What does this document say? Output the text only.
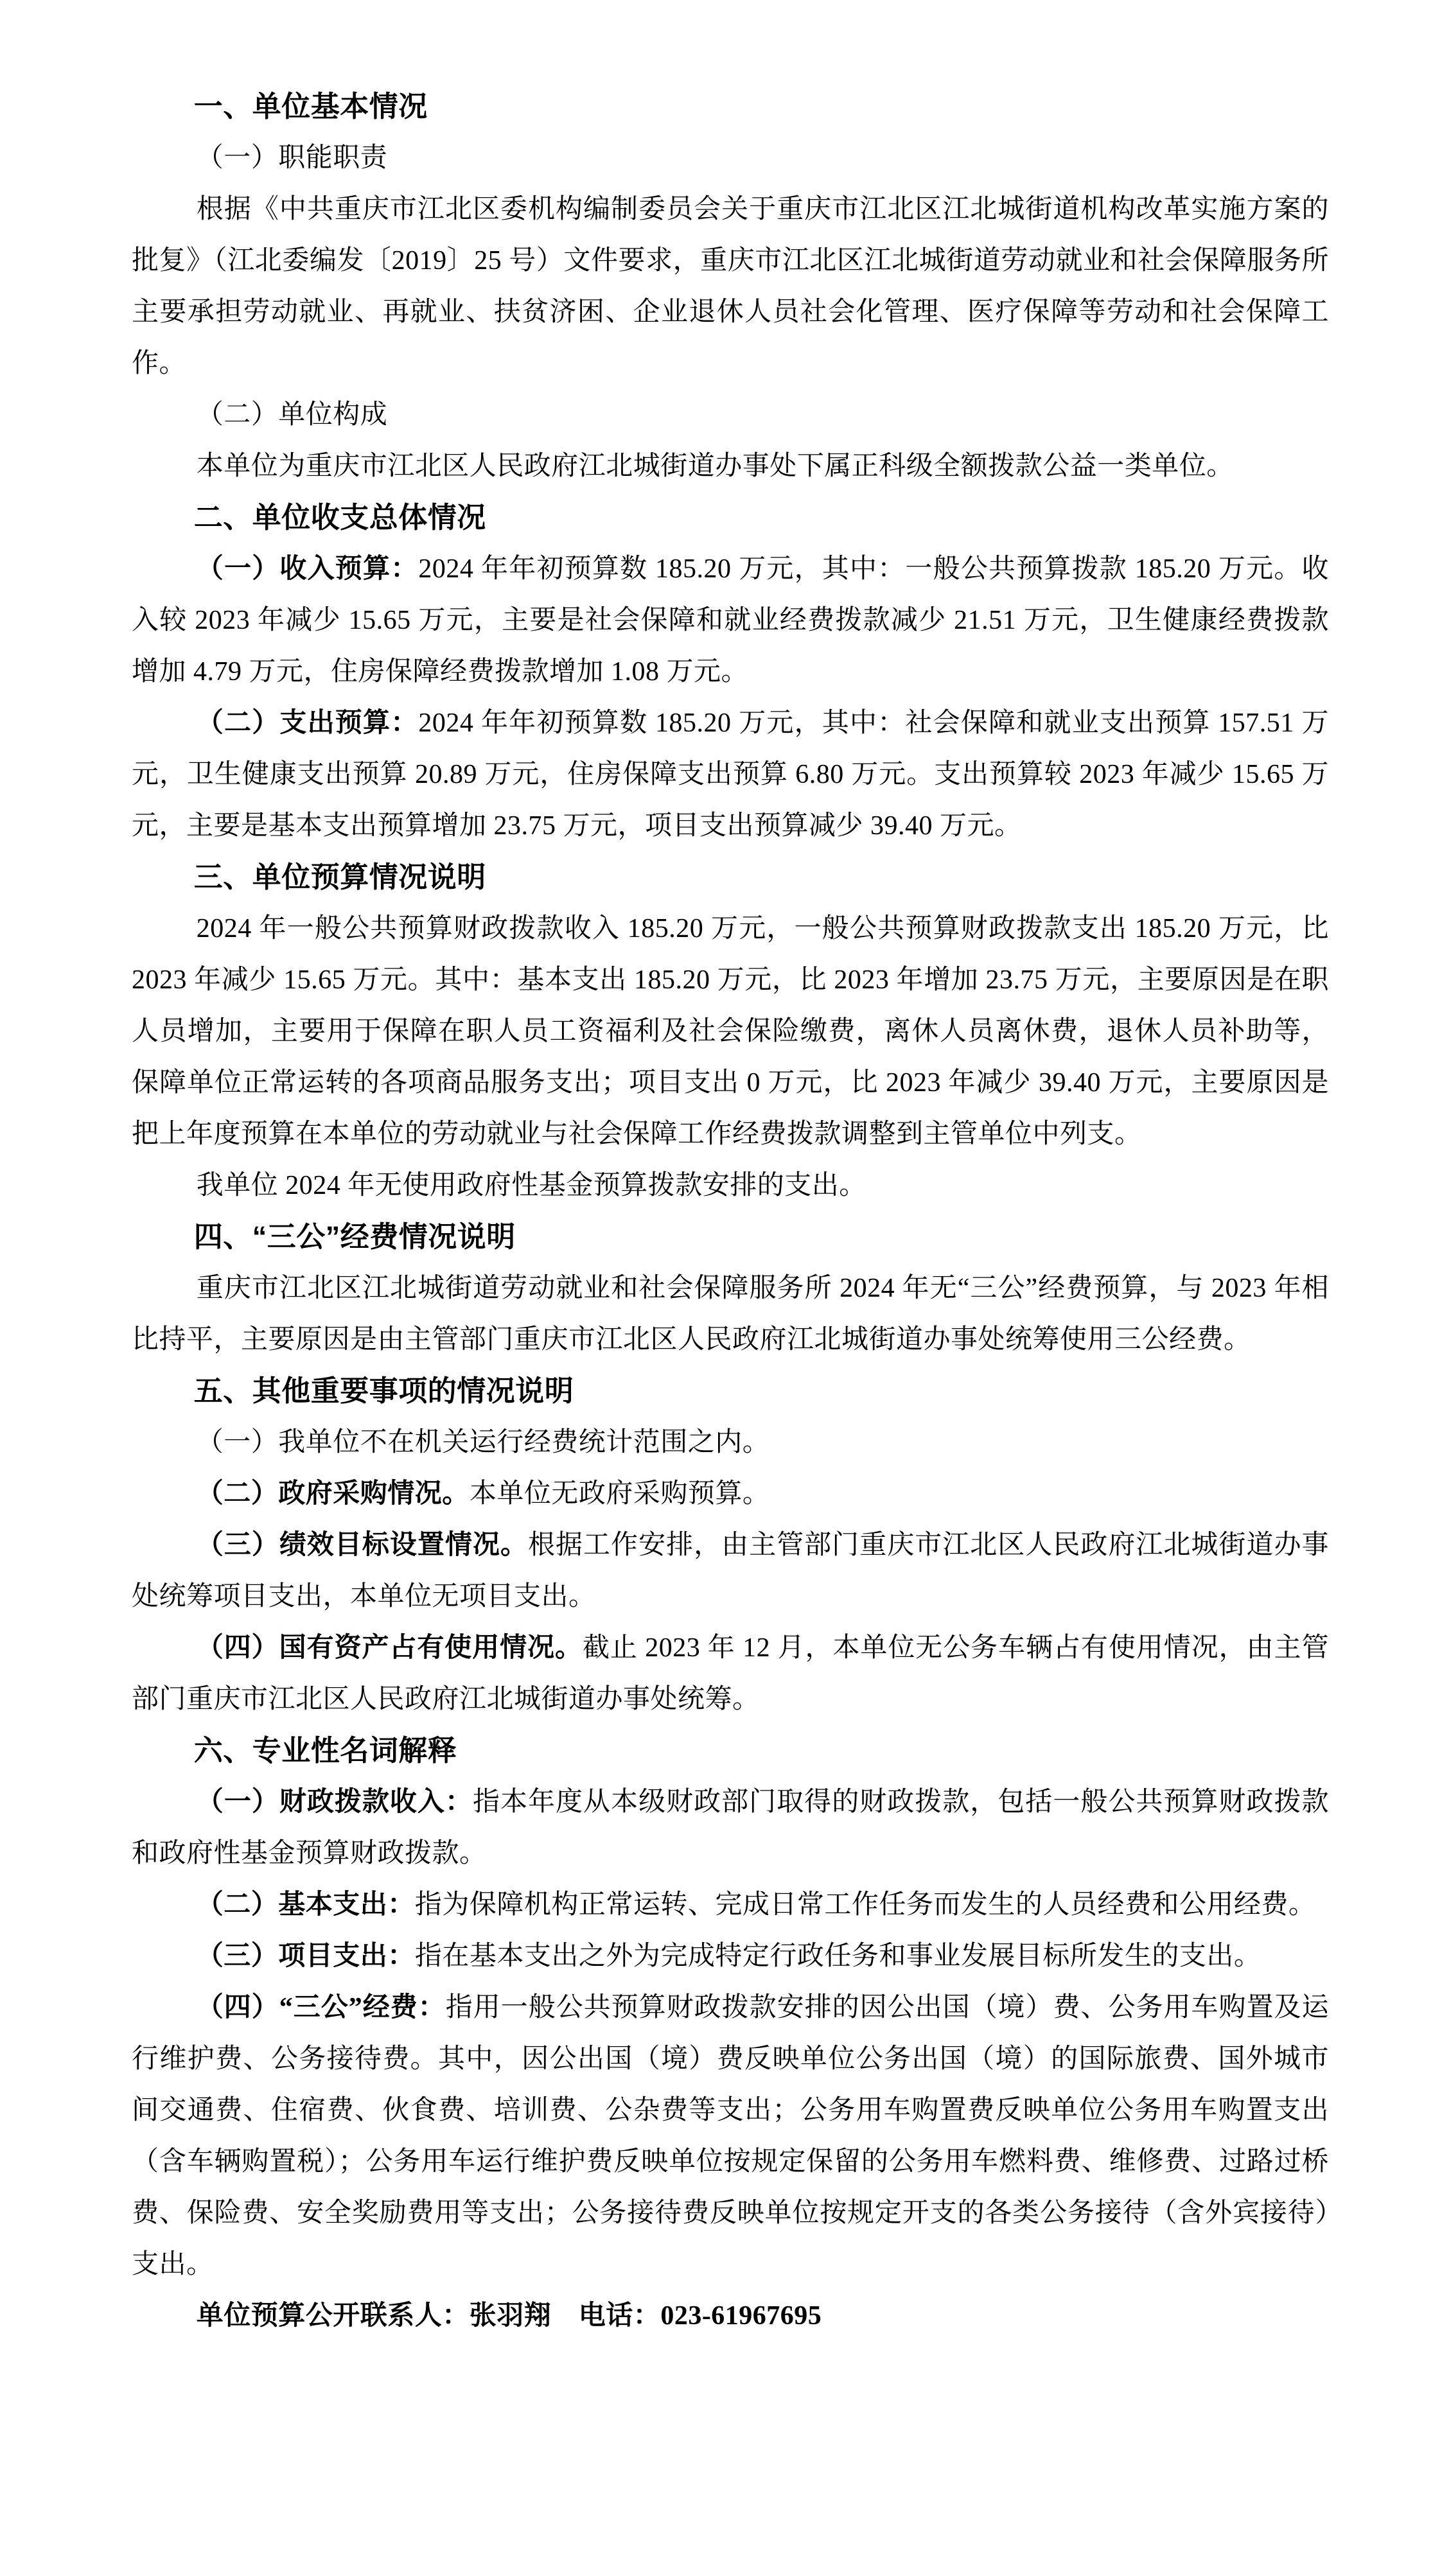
一、单位基本情况

（一）职能职责

根据《中共重庆市江北区委机构编制委员会关于重庆市江北区江北城街道机构改革实施方案的批复》（江北委编发〔2019〕25 号）文件要求，重庆市江北区江北城街道劳动就业和社会保障服务所主要承担劳动就业、再就业、扶贫济困、企业退休人员社会化管理、医疗保障等劳动和社会保障工作。

（二）单位构成

本单位为重庆市江北区人民政府江北城街道办事处下属正科级全额拨款公益一类单位。

二、单位收支总体情况

（一）收入预算：2024 年年初预算数 185.20 万元，其中：一般公共预算拨款 185.20 万元。收入较 2023 年减少 15.65 万元，主要是社会保障和就业经费拨款减少 21.51 万元，卫生健康经费拨款增加 4.79 万元，住房保障经费拨款增加 1.08 万元。

（二）支出预算：2024 年年初预算数 185.20 万元，其中：社会保障和就业支出预算 157.51 万元，卫生健康支出预算 20.89 万元，住房保障支出预算 6.80 万元。支出预算较 2023 年减少 15.65 万元，主要是基本支出预算增加 23.75 万元，项目支出预算减少 39.40 万元。

三、单位预算情况说明

2024 年一般公共预算财政拨款收入 185.20 万元，一般公共预算财政拨款支出 185.20 万元，比 2023 年减少 15.65 万元。其中：基本支出 185.20 万元，比 2023 年增加 23.75 万元，主要原因是在职人员增加，主要用于保障在职人员工资福利及社会保险缴费，离休人员离休费，退休人员补助等，保障单位正常运转的各项商品服务支出；项目支出 0 万元，比 2023 年减少 39.40 万元，主要原因是把上年度预算在本单位的劳动就业与社会保障工作经费拨款调整到主管单位中列支。

我单位 2024 年无使用政府性基金预算拨款安排的支出。

四、“三公”经费情况说明

重庆市江北区江北城街道劳动就业和社会保障服务所 2024 年无“三公”经费预算，与 2023 年相比持平，主要原因是由主管部门重庆市江北区人民政府江北城街道办事处统筹使用三公经费。

五、其他重要事项的情况说明

（一）我单位不在机关运行经费统计范围之内。

（二）政府采购情况。本单位无政府采购预算。

（三）绩效目标设置情况。根据工作安排，由主管部门重庆市江北区人民政府江北城街道办事处统筹项目支出，本单位无项目支出。

（四）国有资产占有使用情况。截止 2023 年 12 月，本单位无公务车辆占有使用情况，由主管部门重庆市江北区人民政府江北城街道办事处统筹。

六、专业性名词解释

（一）财政拨款收入：指本年度从本级财政部门取得的财政拨款，包括一般公共预算财政拨款和政府性基金预算财政拨款。

（二）基本支出：指为保障机构正常运转、完成日常工作任务而发生的人员经费和公用经费。

（三）项目支出：指在基本支出之外为完成特定行政任务和事业发展目标所发生的支出。

（四）“三公”经费：指用一般公共预算财政拨款安排的因公出国（境）费、公务用车购置及运行维护费、公务接待费。其中，因公出国（境）费反映单位公务出国（境）的国际旅费、国外城市间交通费、住宿费、伙食费、培训费、公杂费等支出；公务用车购置费反映单位公务用车购置支出（含车辆购置税）；公务用车运行维护费反映单位按规定保留的公务用车燃料费、维修费、过路过桥费、保险费、安全奖励费用等支出；公务接待费反映单位按规定开支的各类公务接待（含外宾接待）支出。

单位预算公开联系人：张羽翔　电话：023-61967695
